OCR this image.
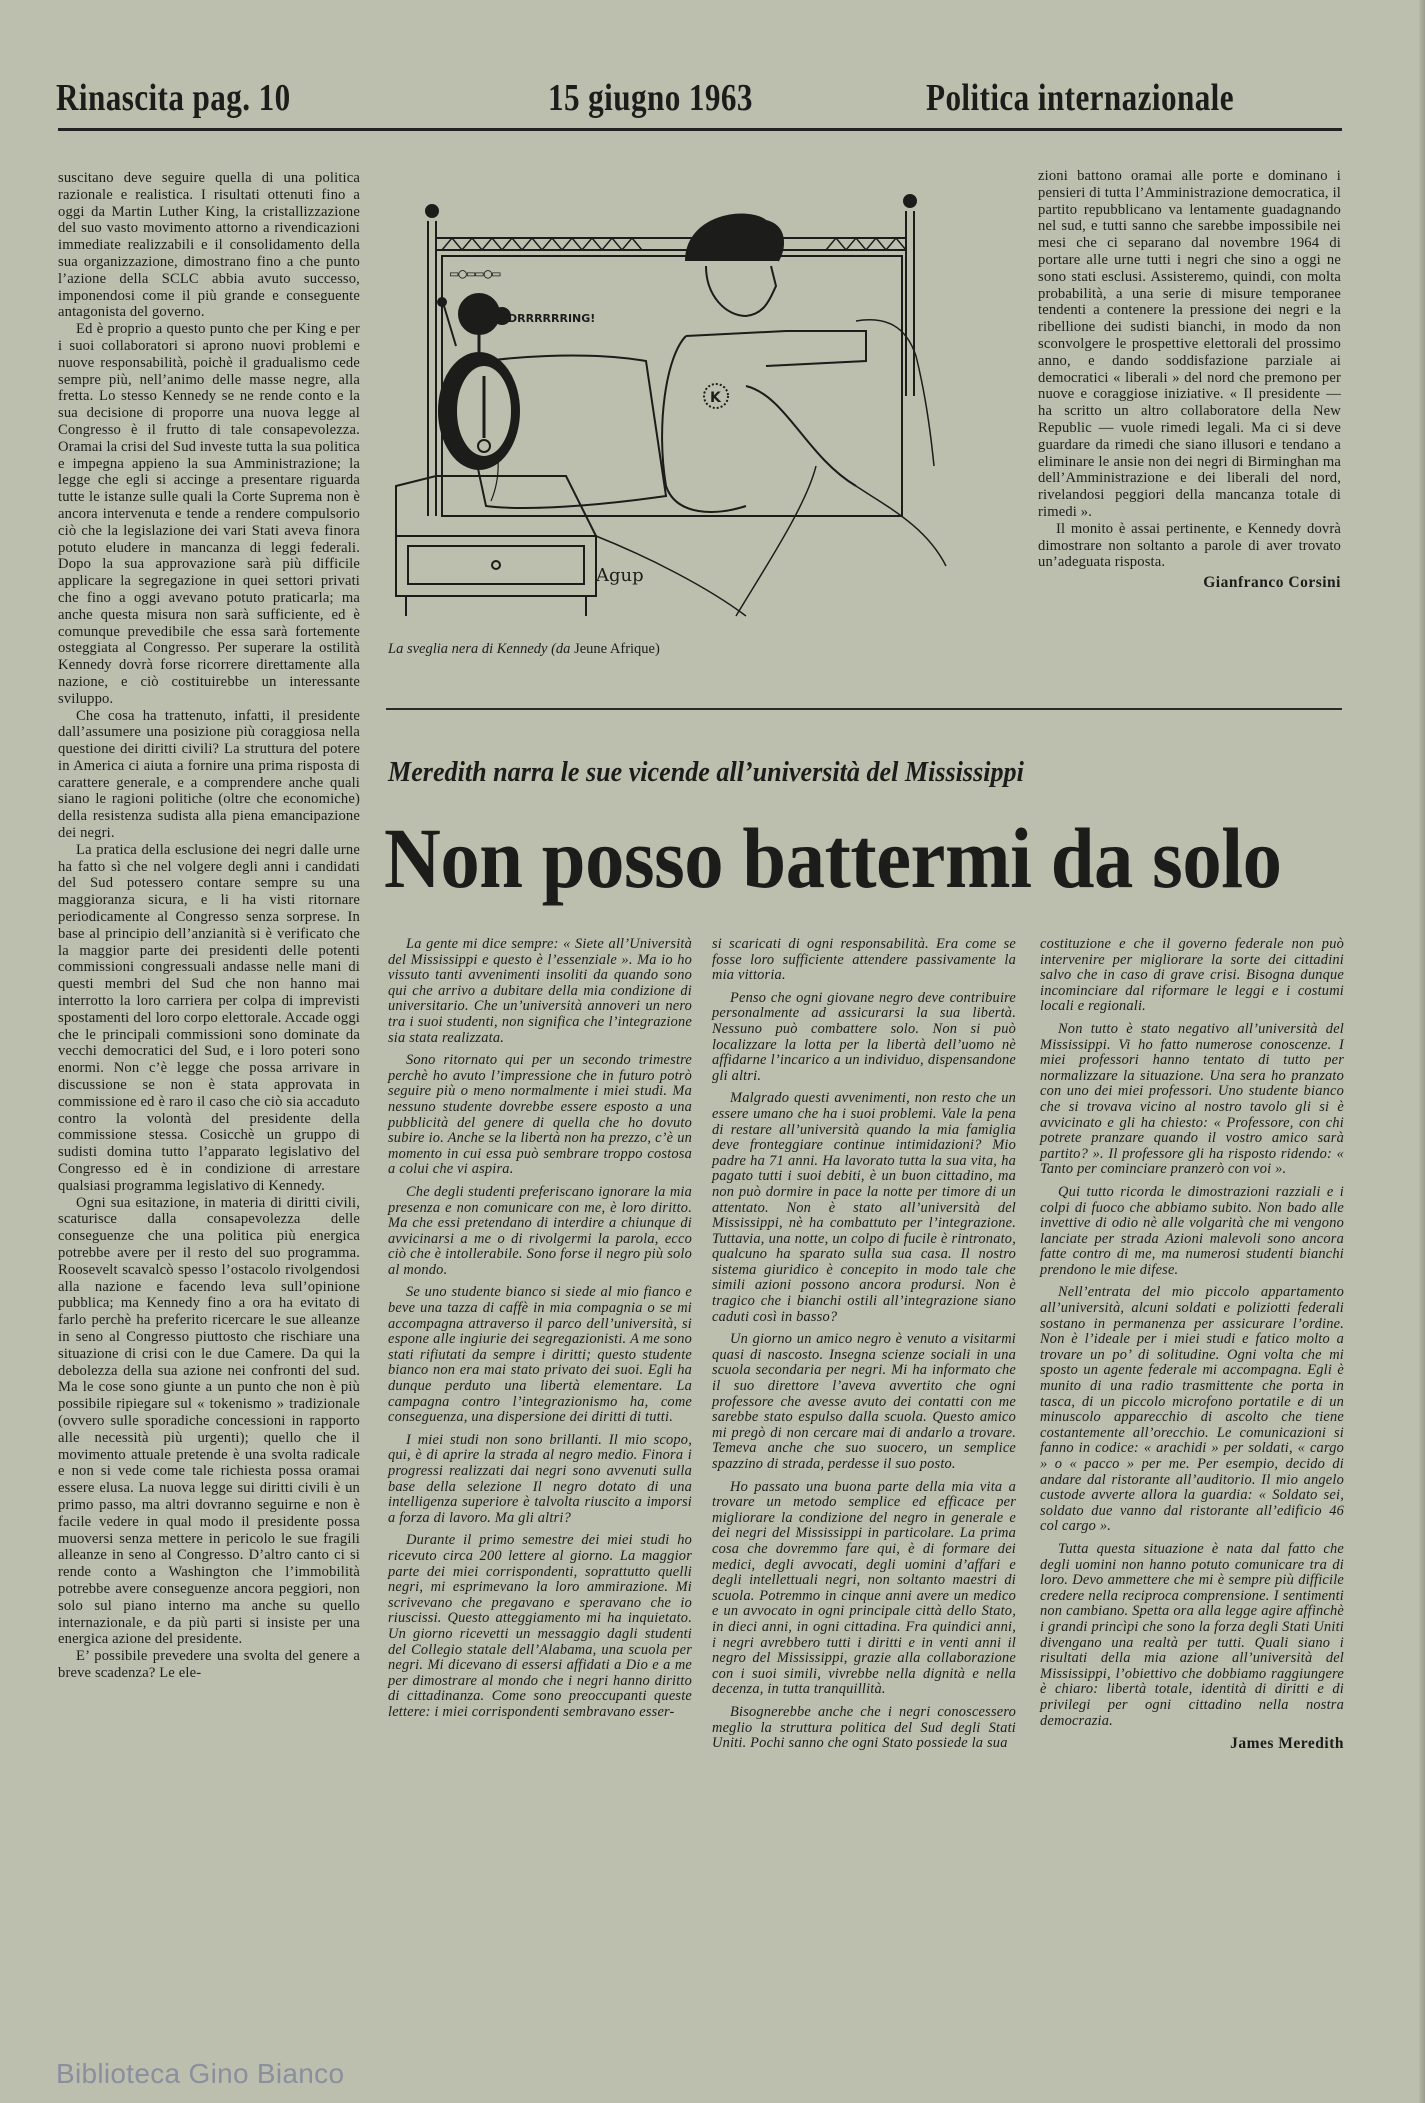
Rinascita pag. 10	15 giugno 1963	Politica internazionale

suscitano deve seguire quella di una politica razionale e realistica. I risultati ottenuti fino a oggi da Martin Luther King, la cristallizzazione del suo vasto movimento attorno a rivendicazioni immediate realizzabili e il consolidamento della sua organizzazione, dimostrano fino a che punto l’azione della SCLC abbia avuto successo, imponendosi come il più grande e conseguente antagonista del governo.

Ed è proprio a questo punto che per King e per i suoi collaboratori si aprono nuovi problemi e nuove responsabilità, poichè il gradualismo cede sempre più, nell’animo delle masse negre, alla fretta. Lo stesso Kennedy se ne rende conto e la sua decisione di proporre una nuova legge al Congresso è il frutto di tale consapevolezza. Oramai la crisi del Sud investe tutta la sua politica e impegna appieno la sua Amministrazione; la legge che egli si accinge a presentare riguarda tutte le istanze sulle quali la Corte Suprema non è ancora intervenuta e tende a rendere compulsorio ciò che la legislazione dei vari Stati aveva finora potuto eludere in mancanza di leggi federali. Dopo la sua approvazione sarà più difficile applicare la segregazione in quei settori privati che fino a oggi avevano potuto praticarla; ma anche questa misura non sarà sufficiente, ed è comunque prevedibile che essa sarà fortemente osteggiata al Congresso. Per superare la ostilità Kennedy dovrà forse ricorrere direttamente alla nazione, e ciò costituirebbe un interessante sviluppo.

Che cosa ha trattenuto, infatti, il presidente dall’assumere una posizione più coraggiosa nella questione dei diritti civili? La struttura del potere in America ci aiuta a fornire una prima risposta di carattere generale, e a comprendere anche quali siano le ragioni politiche (oltre che economiche) della resistenza sudista alla piena emancipazione dei negri.

La pratica della esclusione dei negri dalle urne ha fatto sì che nel volgere degli anni i candidati del Sud potessero contare sempre su una maggioranza sicura, e li ha visti ritornare periodicamente al Congresso senza sorprese. In base al principio dell’anzianità si è verificato che la maggior parte dei presidenti delle potenti commissioni congressuali andasse nelle mani di questi membri del Sud che non hanno mai interrotto la loro carriera per colpa di imprevisti spostamenti del loro corpo elettorale. Accade oggi che le principali commissioni sono dominate da vecchi democratici del Sud, e i loro poteri sono enormi. Non c’è legge che possa arrivare in discussione se non è stata approvata in commissione ed è raro il caso che ciò sia accaduto contro la volontà del presidente della commissione stessa. Cosicchè un gruppo di sudisti domina tutto l’apparato legislativo del Congresso ed è in condizione di arrestare qualsiasi programma legislativo di Kennedy.

Ogni sua esitazione, in materia di diritti civili, scaturisce dalla consapevolezza delle conseguenze che una politica più energica potrebbe avere per il resto del suo programma. Roosevelt scavalcò spesso l’ostacolo rivolgendosi alla nazione e facendo leva sull’opinione pubblica; ma Kennedy fino a ora ha evitato di farlo perchè ha preferito ricercare le sue alleanze in seno al Congresso piuttosto che rischiare una situazione di crisi con le due Camere. Da qui la debolezza della sua azione nei confronti del sud. Ma le cose sono giunte a un punto che non è più possibile ripiegare sul « tokenismo » tradizionale (ovvero sulle sporadiche concessioni in rapporto alle necessità più urgenti); quello che il movimento attuale pretende è una svolta radicale e non si vede come tale richiesta possa oramai essere elusa. La nuova legge sui diritti civili è un primo passo, ma altri dovranno seguirne e non è facile vedere in qual modo il presidente possa muoversi senza mettere in pericolo le sue fragili alleanze in seno al Congresso. D’altro canto ci si rende conto a Washington che l’immobilità potrebbe avere conseguenze ancora peggiori, non solo sul piano interno ma anche su quello internazionale, e da più parti si insiste per una energica azione del presidente.

E’ possibile prevedere una svolta del genere a breve scadenza? Le ele-

▭○▭▭○▭
DRRRRRRING!
K
Agup
La sveglia nera di Kennedy (da Jeune Afrique)

zioni battono oramai alle porte e dominano i pensieri di tutta l’Amministrazione democratica, il partito repubblicano va lentamente guadagnando nel sud, e tutti sanno che sarebbe impossibile nei mesi che ci separano dal novembre 1964 di portare alle urne tutti i negri che sino a oggi ne sono stati esclusi. Assisteremo, quindi, con molta probabilità, a una serie di misure temporanee tendenti a contenere la pressione dei negri e la ribellione dei sudisti bianchi, in modo da non sconvolgere le prospettive elettorali del prossimo anno, e dando soddisfazione parziale ai democratici « liberali » del nord che premono per nuove e coraggiose iniziative. « Il presidente — ha scritto un altro collaboratore della New Republic — vuole rimedi legali. Ma ci si deve guardare da rimedi che siano illusori e tendano a eliminare le ansie non dei negri di Birminghan ma dell’Amministrazione e dei liberali del nord, rivelandosi peggiori della mancanza totale di rimedi ».

Il monito è assai pertinente, e Kennedy dovrà dimostrare non soltanto a parole di aver trovato un’adeguata risposta.

Gianfranco Corsini
Meredith narra le sue vicende all’università del Mississippi
Non posso battermi da solo

La gente mi dice sempre: « Siete all’Università del Mississippi e questo è l’essenziale ». Ma io ho vissuto tanti avvenimenti insoliti da quando sono qui che arrivo a dubitare della mia condizione di universitario. Che un’università annoveri un nero tra i suoi studenti, non significa che l’integrazione sia stata realizzata.

Sono ritornato qui per un secondo trimestre perchè ho avuto l’impressione che in futuro potrò seguire più o meno normalmente i miei studi. Ma nessuno studente dovrebbe essere esposto a una pubblicità del genere di quella che ho dovuto subire io. Anche se la libertà non ha prezzo, c’è un momento in cui essa può sembrare troppo costosa a colui che vi aspira.

Che degli studenti preferiscano ignorare la mia presenza e non comunicare con me, è loro diritto. Ma che essi pretendano di interdire a chiunque di avvicinarsi a me o di rivolgermi la parola, ecco ciò che è intollerabile. Sono forse il negro più solo al mondo.

Se uno studente bianco si siede al mio fianco e beve una tazza di caffè in mia compagnia o se mi accompagna attraverso il parco dell’università, si espone alle ingiurie dei segregazionisti. A me sono stati rifiutati da sempre i diritti; questo studente bianco non era mai stato privato dei suoi. Egli ha dunque perduto una libertà elementare. La campagna contro l’integrazionismo ha, come conseguenza, una dispersione dei diritti di tutti.

I miei studi non sono brillanti. Il mio scopo, qui, è di aprire la strada al negro medio. Finora i progressi realizzati dai negri sono avvenuti sulla base della selezione Il negro dotato di una intelligenza superiore è talvolta riuscito a imporsi a forza di lavoro. Ma gli altri?

Durante il primo semestre dei miei studi ho ricevuto circa 200 lettere al giorno. La maggior parte dei miei corrispondenti, soprattutto quelli negri, mi esprimevano la loro ammirazione. Mi scrivevano che pregavano e speravano che io riuscissi. Questo atteggiamento mi ha inquietato. Un giorno ricevetti un messaggio dagli studenti del Collegio statale dell’Alabama, una scuola per negri. Mi dicevano di essersi affidati a Dio e a me per dimostrare al mondo che i negri hanno diritto di cittadinanza. Come sono preoccupanti queste lettere: i miei corrispondenti sembravano esser-

si scaricati di ogni responsabilità. Era come se fosse loro sufficiente attendere passivamente la mia vittoria.

Penso che ogni giovane negro deve contribuire personalmente ad assicurarsi la sua libertà. Nessuno può combattere solo. Non si può localizzare la lotta per la libertà dell’uomo nè affidarne l’incarico a un individuo, dispensandone gli altri.

Malgrado questi avvenimenti, non resto che un essere umano che ha i suoi problemi. Vale la pena di restare all’università quando la mia famiglia deve fronteggiare continue intimidazioni? Mio padre ha 71 anni. Ha lavorato tutta la sua vita, ha pagato tutti i suoi debiti, è un buon cittadino, ma non può dormire in pace la notte per timore di un attentato. Non è stato all’università del Mississippi, nè ha combattuto per l’integrazione. Tuttavia, una notte, un colpo di fucile è rintronato, qualcuno ha sparato sulla sua casa. Il nostro sistema giuridico è concepito in modo tale che simili azioni possono ancora prodursi. Non è tragico che i bianchi ostili all’integrazione siano caduti così in basso?

Un giorno un amico negro è venuto a visitarmi quasi di nascosto. Insegna scienze sociali in una scuola secondaria per negri. Mi ha informato che il suo direttore l’aveva avvertito che ogni professore che avesse avuto dei contatti con me sarebbe stato espulso dalla scuola. Questo amico mi pregò di non cercare mai di andarlo a trovare. Temeva anche che suo suocero, un semplice spazzino di strada, perdesse il suo posto.

Ho passato una buona parte della mia vita a trovare un metodo semplice ed efficace per migliorare la condizione del negro in generale e dei negri del Mississippi in particolare. La prima cosa che dovremmo fare qui, è di formare dei medici, degli avvocati, degli uomini d’affari e degli intellettuali negri, non soltanto maestri di scuola. Potremmo in cinque anni avere un medico e un avvocato in ogni principale città dello Stato, in dieci anni, in ogni cittadina. Fra quindici anni, i negri avrebbero tutti i diritti e in venti anni il negro del Mississippi, grazie alla collaborazione con i suoi simili, vivrebbe nella dignità e nella decenza, in tutta tranquillità.

Bisognerebbe anche che i negri conoscessero meglio la struttura politica del Sud degli Stati Uniti. Pochi sanno che ogni Stato possiede la sua

costituzione e che il governo federale non può intervenire per migliorare la sorte dei cittadini salvo che in caso di grave crisi. Bisogna dunque incominciare dal riformare le leggi e i costumi locali e regionali.

Non tutto è stato negativo all’università del Mississippi. Vi ho fatto numerose conoscenze. I miei professori hanno tentato di tutto per normalizzare la situazione. Una sera ho pranzato con uno dei miei professori. Uno studente bianco che si trovava vicino al nostro tavolo gli si è avvicinato e gli ha chiesto: « Professore, con chi potrete pranzare quando il vostro amico sarà partito? ». Il professore gli ha risposto ridendo: « Tanto per cominciare pranzerò con voi ».

Qui tutto ricorda le dimostrazioni razziali e i colpi di fuoco che abbiamo subito. Non bado alle invettive di odio nè alle volgarità che mi vengono lanciate per strada Azioni malevoli sono ancora fatte contro di me, ma numerosi studenti bianchi prendono le mie difese.

Nell’entrata del mio piccolo appartamento all’università, alcuni soldati e poliziotti federali sostano in permanenza per assicurare l’ordine. Non è l’ideale per i miei studi e fatico molto a trovare un po’ di solitudine. Ogni volta che mi sposto un agente federale mi accompagna. Egli è munito di una radio trasmittente che porta in tasca, di un piccolo microfono portatile e di un minuscolo apparecchio di ascolto che tiene costantemente all’orecchio. Le comunicazioni si fanno in codice: « arachidi » per soldati, « cargo » o « pacco » per me. Per esempio, decido di andare dal ristorante all’auditorio. Il mio angelo custode avverte allora la guardia: « Soldato sei, soldato due vanno dal ristorante all’edificio 46 col cargo ».

Tutta questa situazione è nata dal fatto che degli uomini non hanno potuto comunicare tra di loro. Devo ammettere che mi è sempre più difficile credere nella reciproca comprensione. I sentimenti non cambiano. Spetta ora alla legge agire affinchè i grandi princìpi che sono la forza degli Stati Uniti divengano una realtà per tutti. Quali siano i risultati della mia azione all’università del Mississippi, l’obiettivo che dobbiamo raggiungere è chiaro: libertà totale, identità di diritti e di privilegi per ogni cittadino nella nostra democrazia.

James Meredith
Biblioteca Gino Bianco
